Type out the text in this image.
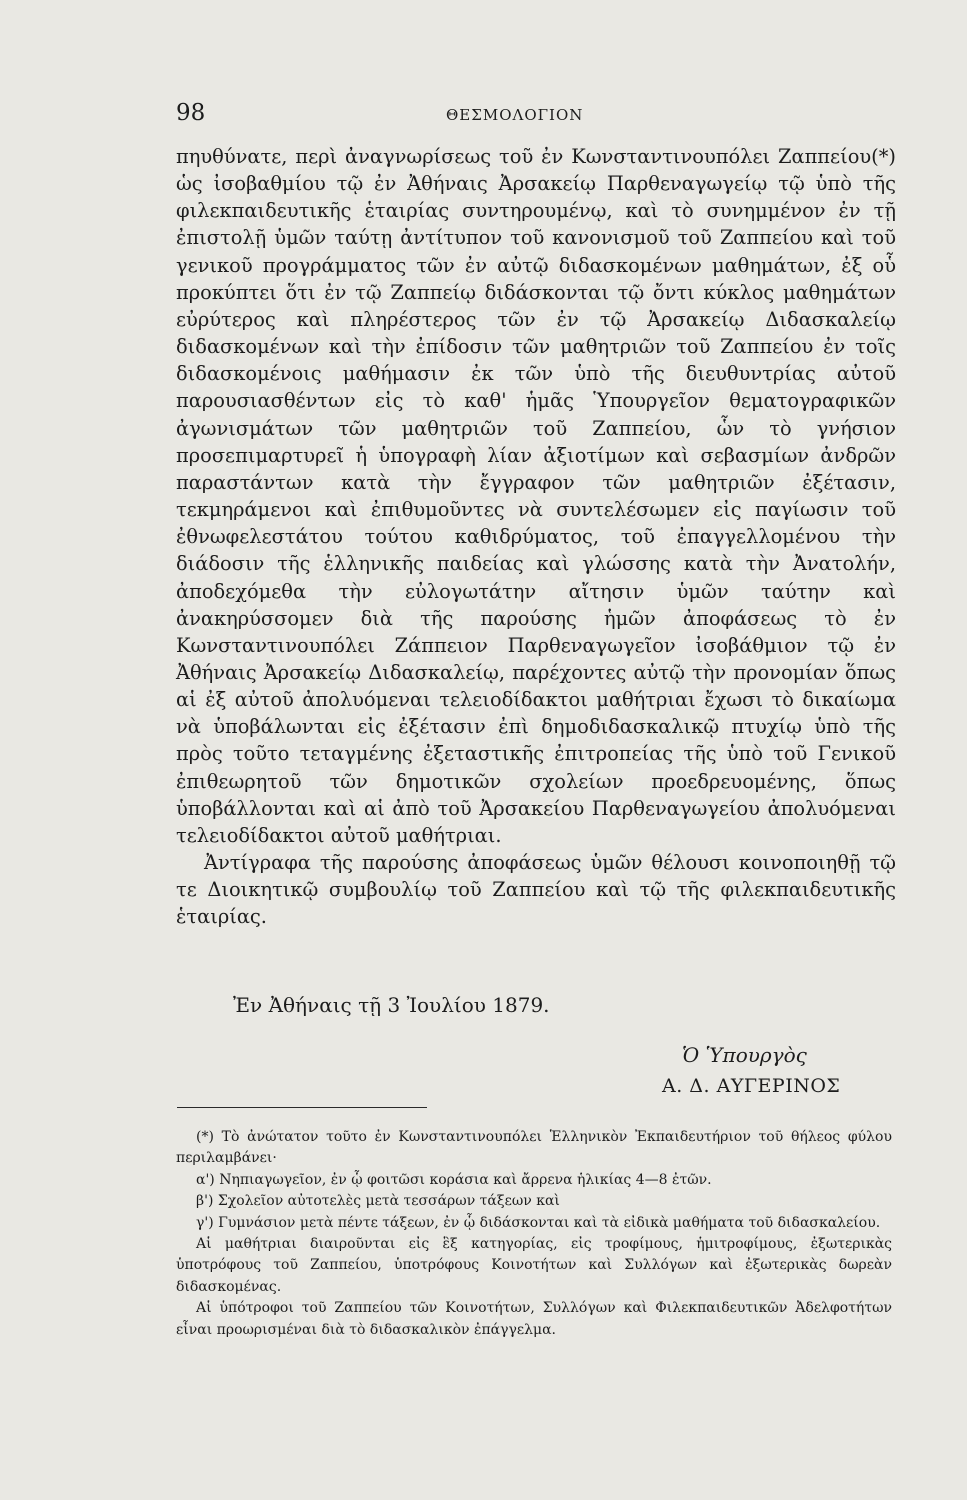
98	ΘΕΣΜΟΛΟΓΙΟΝ

πηυθύνατε, περὶ ἀναγνωρίσεως τοῦ ἐν Κωνσταντινουπόλει Ζαππείου(*) ὡς ἰσοβαθμίου τῷ ἐν Ἀθήναις Ἀρσακείῳ Παρθεναγωγείῳ τῷ ὑπὸ τῆς φιλεκπαιδευτικῆς ἑταιρίας συντηρουμένῳ, καὶ τὸ συνημμένον ἐν τῇ ἐπιστολῇ ὑμῶν ταύτῃ ἀντίτυπον τοῦ κανονισμοῦ τοῦ Ζαππείου καὶ τοῦ γενικοῦ προγράμματος τῶν ἐν αὐτῷ διδασκομένων μαθημάτων, ἐξ οὗ προκύπτει ὅτι ἐν τῷ Ζαππείῳ διδάσκονται τῷ ὄντι κύκλος μαθημάτων εὐρύτερος καὶ πληρέστερος τῶν ἐν τῷ Ἀρσακείῳ Διδασκαλείῳ διδασκομένων καὶ τὴν ἐπίδοσιν τῶν μαθητριῶν τοῦ Ζαππείου ἐν τοῖς διδασκομένοις μαθήμασιν ἐκ τῶν ὑπὸ τῆς διευθυντρίας αὐτοῦ παρουσιασθέντων εἰς τὸ καθ' ἡμᾶς Ὑπουργεῖον θεματογραφικῶν ἀγωνισμάτων τῶν μαθητριῶν τοῦ Ζαππείου, ὧν τὸ γνήσιον προσεπιμαρτυρεῖ ἡ ὑπογραφὴ λίαν ἀξιοτίμων καὶ σεβασμίων ἀνδρῶν παραστάντων κατὰ τὴν ἔγγραφον τῶν μαθητριῶν ἐξέτασιν, τεκμηράμενοι καὶ ἐπιθυμοῦντες νὰ συντελέσωμεν εἰς παγίωσιν τοῦ ἐθνωφελεστάτου τούτου καθιδρύματος, τοῦ ἐπαγγελλομένου τὴν διάδοσιν τῆς ἑλληνικῆς παιδείας καὶ γλώσσης κατὰ τὴν Ἀνατολήν, ἀποδεχόμεθα τὴν εὐλογωτάτην αἴτησιν ὑμῶν ταύτην καὶ ἀνακηρύσσομεν διὰ τῆς παρούσης ἡμῶν ἀποφάσεως τὸ ἐν Κωνσταντινουπόλει Ζάππειον Παρθεναγωγεῖον ἰσοβάθμιον τῷ ἐν Ἀθήναις Ἀρσακείῳ Διδασκαλείῳ, παρέχοντες αὐτῷ τὴν προνομίαν ὅπως αἱ ἐξ αὐτοῦ ἀπολυόμεναι τελειοδίδακτοι μαθήτριαι ἔχωσι τὸ δικαίωμα νὰ ὑποβάλωνται εἰς ἐξέτασιν ἐπὶ δημοδιδασκαλικῷ πτυχίῳ ὑπὸ τῆς πρὸς τοῦτο τεταγμένης ἐξεταστικῆς ἐπιτροπείας τῆς ὑπὸ τοῦ Γενικοῦ ἐπιθεωρητοῦ τῶν δημοτικῶν σχολείων προεδρευομένης, ὅπως ὑποβάλλονται καὶ αἱ ἀπὸ τοῦ Ἀρσακείου Παρθεναγωγείου ἀπολυόμεναι τελειοδίδακτοι αὐτοῦ μαθήτριαι.

Ἀντίγραφα τῆς παρούσης ἀποφάσεως ὑμῶν θέλουσι κοινοποιηθῇ τῷ τε Διοικητικῷ συμβουλίῳ τοῦ Ζαππείου καὶ τῷ τῆς φιλεκπαιδευτικῆς ἑταιρίας.

Ἐν Ἀθήναις τῇ 3 Ἰουλίου 1879.
Ὁ Ὑπουργὸς
Α. Δ. ΑΥΓΕΡΙΝΟΣ

(*) Τὸ ἀνώτατον τοῦτο ἐν Κωνσταντινουπόλει Ἑλληνικὸν Ἐκπαιδευτήριον τοῦ θήλεος φύλου περιλαμβάνει·

α') Νηπιαγωγεῖον, ἐν ᾧ φοιτῶσι κοράσια καὶ ἄρρενα ἡλικίας 4—8 ἐτῶν.

β') Σχολεῖον αὐτοτελὲς μετὰ τεσσάρων τάξεων καὶ

γ') Γυμνάσιον μετὰ πέντε τάξεων, ἐν ᾧ διδάσκονται καὶ τὰ εἰδικὰ μαθήματα τοῦ διδασκαλείου.

Αἱ μαθήτριαι διαιροῦνται εἰς ἓξ κατηγορίας, εἰς τροφίμους, ἡμιτροφίμους, ἐξωτερικὰς ὑποτρόφους τοῦ Ζαππείου, ὑποτρόφους Κοινοτήτων καὶ Συλλόγων καὶ ἐξωτερικὰς δωρεὰν διδασκομένας.

Αἱ ὑπότροφοι τοῦ Ζαππείου τῶν Κοινοτήτων, Συλλόγων καὶ Φιλεκπαιδευτικῶν Ἀδελφοτήτων εἶναι προωρισμέναι διὰ τὸ διδασκαλικὸν ἐπάγγελμα.
